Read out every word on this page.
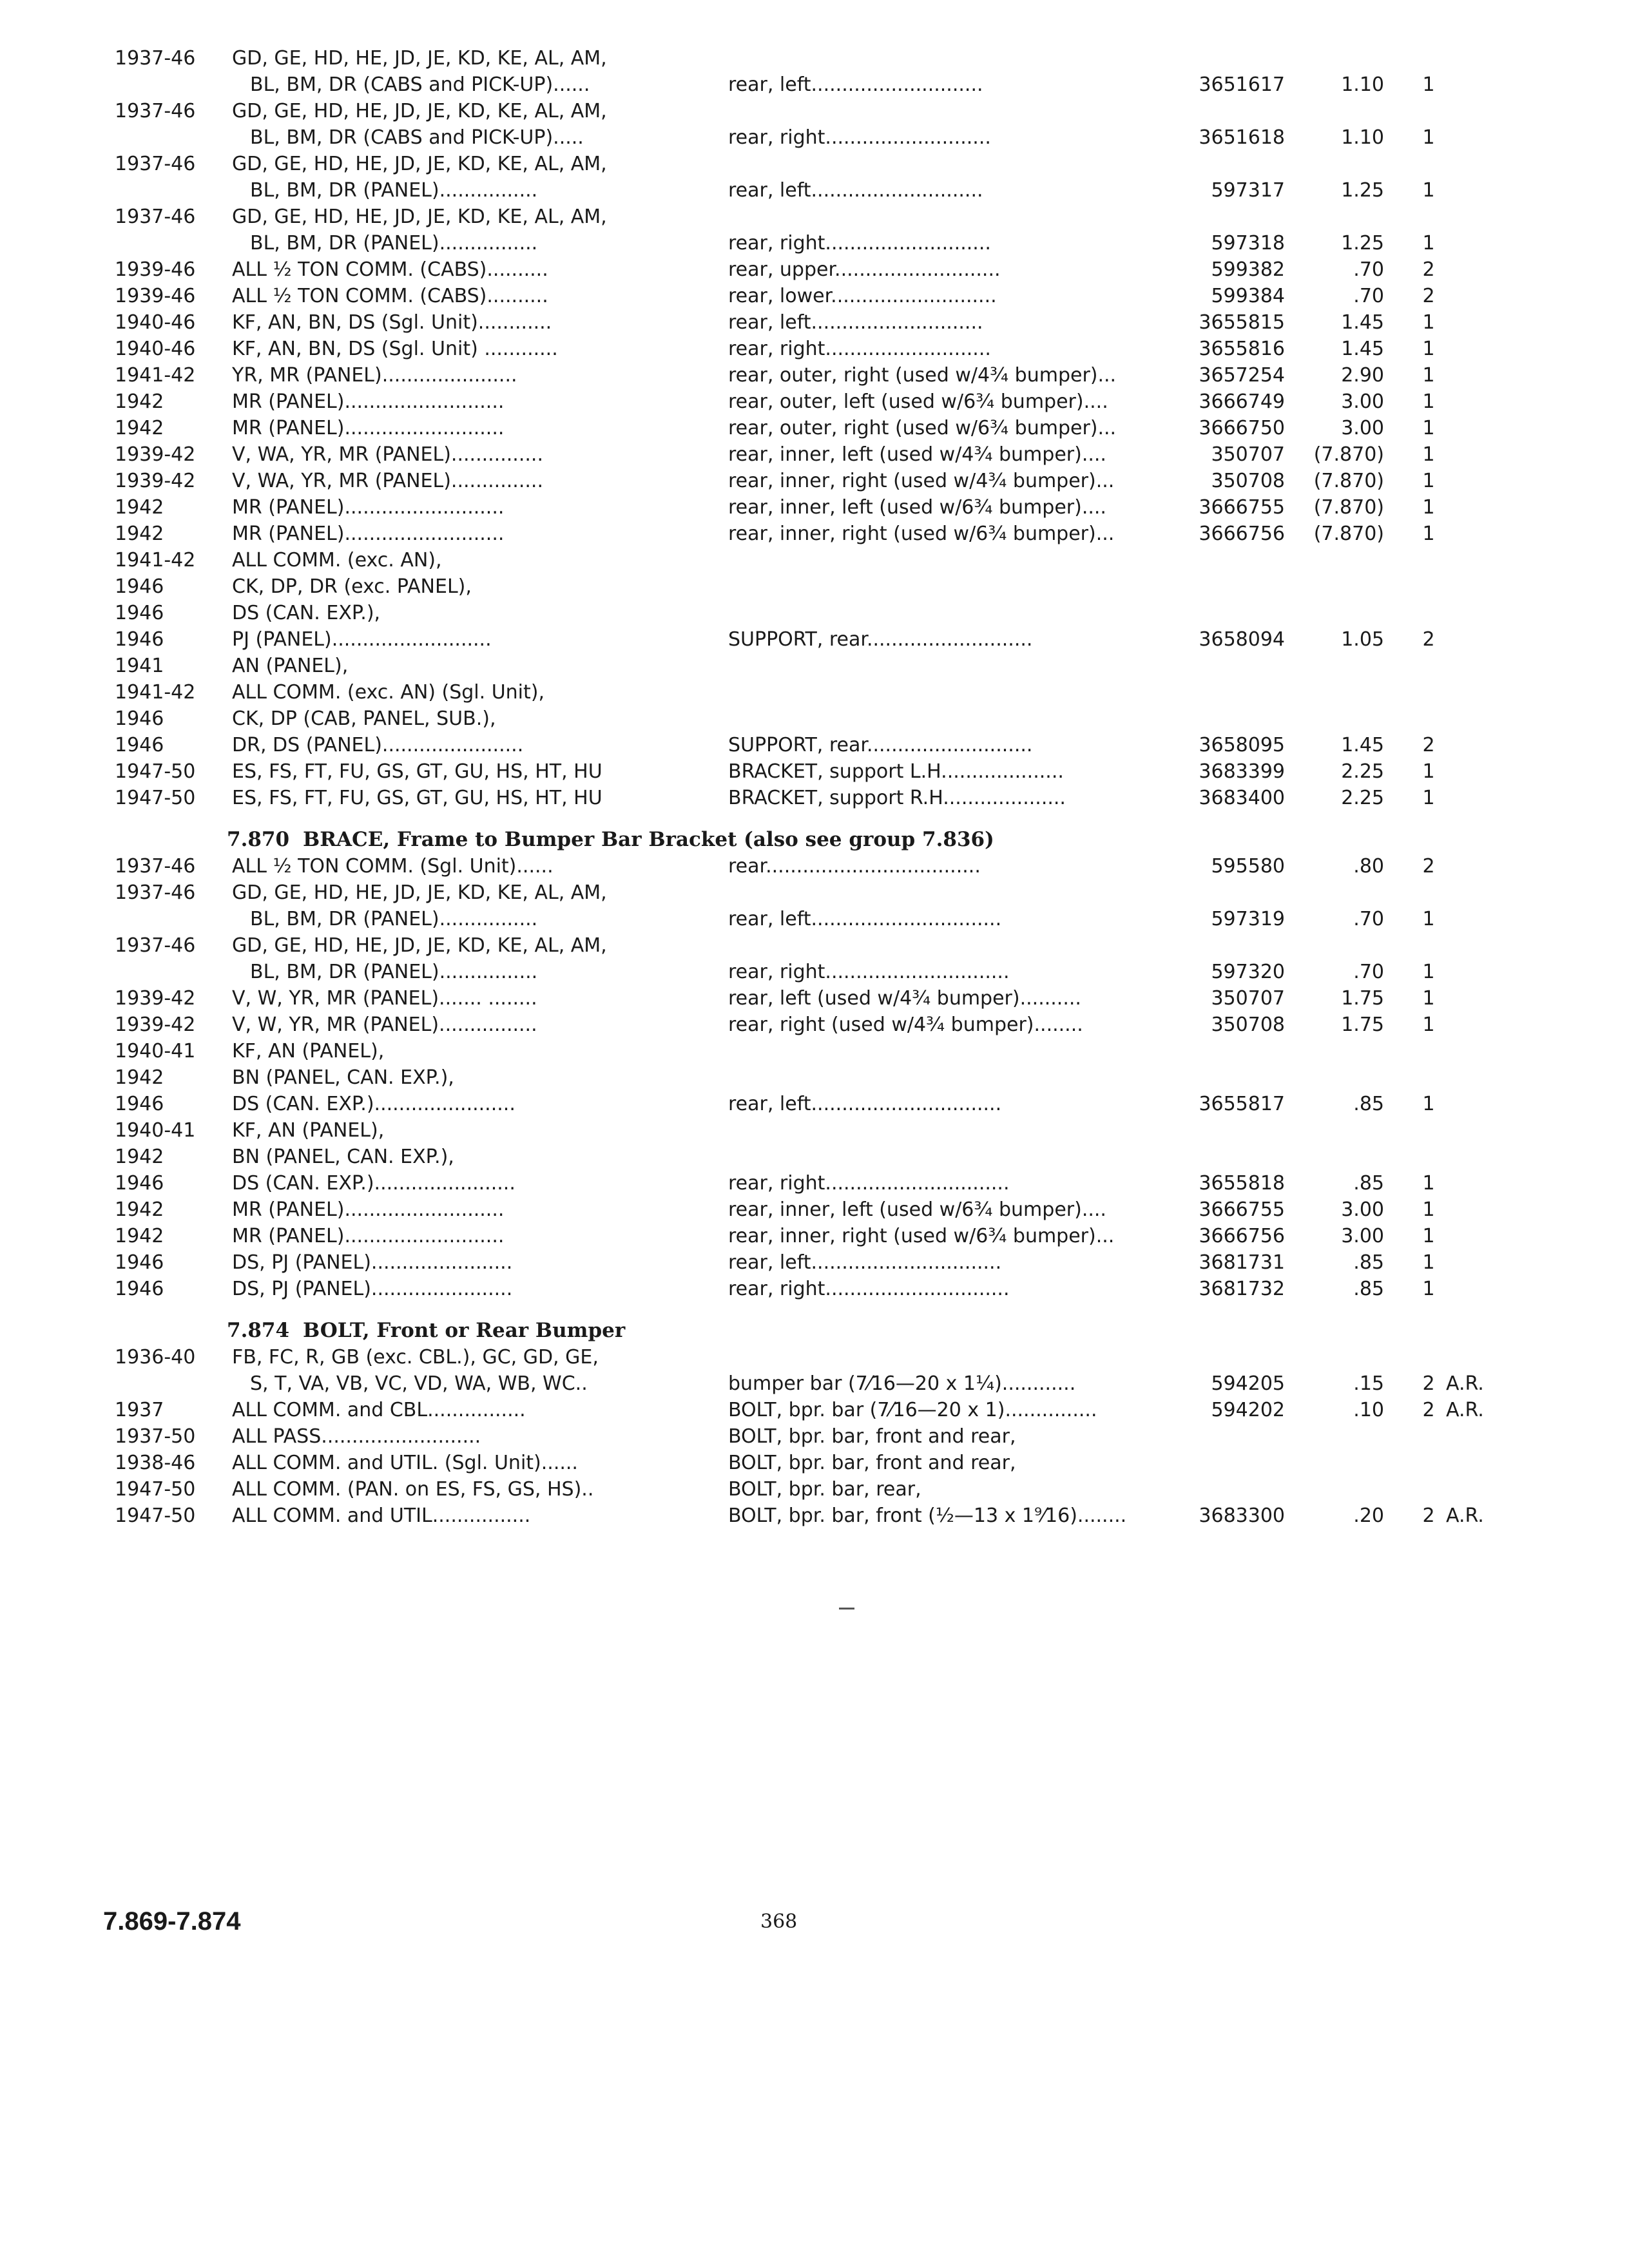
1937-46 GD, GE, HD, HE, JD, JE, KD, KE, AL, AM,
BL, BM, DR (CABS and PICK-UP)......	rear, left............................	3651617	1.10	1
1937-46 GD, GE, HD, HE, JD, JE, KD, KE, AL, AM,
BL, BM, DR (CABS and PICK-UP).....	rear, right...........................	3651618	1.10	1
1937-46 GD, GE, HD, HE, JD, JE, KD, KE, AL, AM,
BL, BM, DR (PANEL)................	rear, left............................	597317	1.25	1
1937-46 GD, GE, HD, HE, JD, JE, KD, KE, AL, AM,
BL, BM, DR (PANEL)................	rear, right...........................	597318	1.25	1
1939-46 ALL ½ TON COMM. (CABS)..........	rear, upper...........................	599382	.70	2
1939-46 ALL ½ TON COMM. (CABS)..........	rear, lower...........................	599384	.70	2
1940-46 KF, AN, BN, DS (Sgl. Unit)............	rear, left............................	3655815	1.45	1
1940-46 KF, AN, BN, DS (Sgl. Unit) ............	rear, right...........................	3655816	1.45	1
1941-42 YR, MR (PANEL)......................	rear, outer, right (used w/4¾ bumper)...	3657254	2.90	1
1942	MR (PANEL)..........................	rear, outer, left (used w/6¾ bumper)....	3666749	3.00	1
1942	MR (PANEL)..........................	rear, outer, right (used w/6¾ bumper)...	3666750	3.00	1
1939-42 V, WA, YR, MR (PANEL)...............	rear, inner, left (used w/4¾ bumper)....	350707	(7.870)	1
1939-42 V, WA, YR, MR (PANEL)...............	rear, inner, right (used w/4¾ bumper)...	350708	(7.870)	1
1942	MR (PANEL)..........................	rear, inner, left (used w/6¾ bumper)....	3666755	(7.870)	1
1942	MR (PANEL)..........................	rear, inner, right (used w/6¾ bumper)...	3666756	(7.870)	1
1941-42 ALL COMM. (exc. AN),
1946	CK, DP, DR (exc. PANEL),
1946	DS (CAN. EXP.),
1946	PJ (PANEL)..........................	SUPPORT, rear...........................	3658094	1.05	2
1941	AN (PANEL),
1941-42 ALL COMM. (exc. AN) (Sgl. Unit),
1946	CK, DP (CAB, PANEL, SUB.),
1946	DR, DS (PANEL).......................	SUPPORT, rear...........................	3658095	1.45	2
1947-50 ES, FS, FT, FU, GS, GT, GU, HS, HT, HU	BRACKET, support L.H....................	3683399	2.25	1
1947-50 ES, FS, FT, FU, GS, GT, GU, HS, HT, HU	BRACKET, support R.H....................	3683400	2.25	1
7.870 BRACE, Frame to Bumper Bar Bracket (also see group 7.836)
1937-46 ALL ½ TON COMM. (Sgl. Unit)......	rear...................................	595580	.80	2
1937-46 GD, GE, HD, HE, JD, JE, KD, KE, AL, AM,
BL, BM, DR (PANEL)................	rear, left...............................	597319	.70	1
1937-46 GD, GE, HD, HE, JD, JE, KD, KE, AL, AM,
BL, BM, DR (PANEL)................	rear, right..............................	597320	.70	1
1939-42 V, W, YR, MR (PANEL)....... ........	rear, left (used w/4¾ bumper)..........	350707	1.75	1
1939-42 V, W, YR, MR (PANEL)................	rear, right (used w/4¾ bumper)........	350708	1.75	1
1940-41 KF, AN (PANEL),
1942	BN (PANEL, CAN. EXP.),
1946	DS (CAN. EXP.).......................	rear, left...............................	3655817	.85	1
1940-41 KF, AN (PANEL),
1942	BN (PANEL, CAN. EXP.),
1946	DS (CAN. EXP.).......................	rear, right..............................	3655818	.85	1
1942	MR (PANEL)..........................	rear, inner, left (used w/6¾ bumper)....	3666755	3.00	1
1942	MR (PANEL)..........................	rear, inner, right (used w/6¾ bumper)...	3666756	3.00	1
1946	DS, PJ (PANEL).......................	rear, left...............................	3681731	.85	1
1946	DS, PJ (PANEL).......................	rear, right..............................	3681732	.85	1
7.874 BOLT, Front or Rear Bumper
1936-40 FB, FC, R, GB (exc. CBL.), GC, GD, GE,
S, T, VA, VB, VC, VD, WA, WB, WC..	bumper bar (7⁄16—20 x 1¼)............	594205	.15	2 A.R.
1937	ALL COMM. and CBL................	BOLT, bpr. bar (7⁄16—20 x 1)...............	594202	.10	2 A.R.
1937-50 ALL PASS..........................	BOLT, bpr. bar, front and rear,
1938-46 ALL COMM. and UTIL. (Sgl. Unit)......	BOLT, bpr. bar, front and rear,
1947-50 ALL COMM. (PAN. on ES, FS, GS, HS)..	BOLT, bpr. bar, rear,
1947-50 ALL COMM. and UTIL................	BOLT, bpr. bar, front (½—13 x 1⁹⁄16)........	3683300	.20	2 A.R.
7.869-7.874	368
